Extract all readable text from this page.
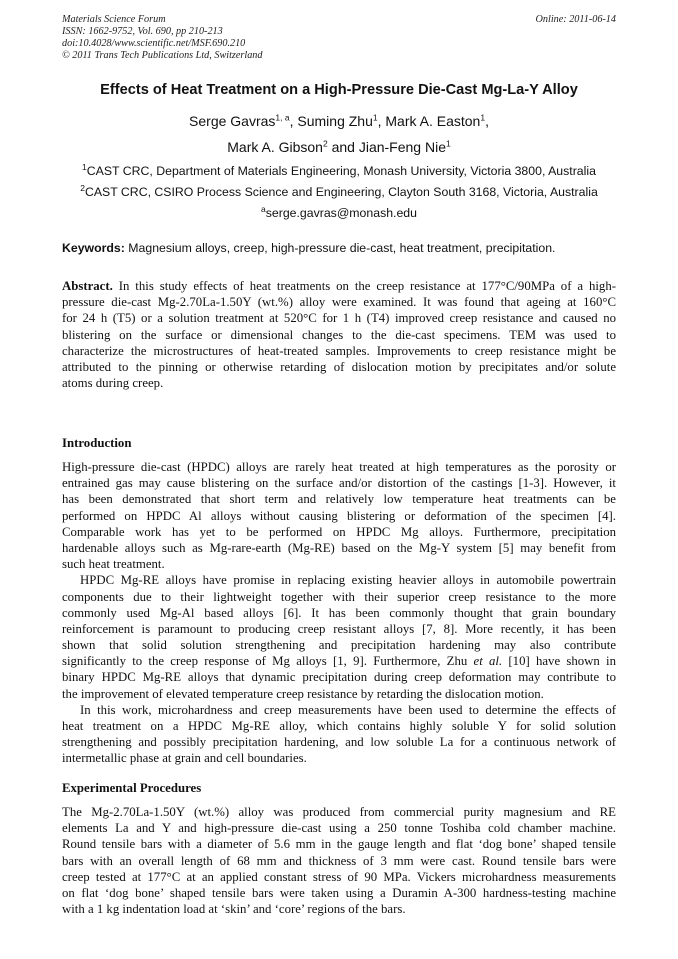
Materials Science Forum
ISSN: 1662-9752, Vol. 690, pp 210-213
doi:10.4028/www.scientific.net/MSF.690.210
© 2011 Trans Tech Publications Ltd, Switzerland
Online: 2011-06-14
Effects of Heat Treatment on a High-Pressure Die-Cast Mg-La-Y Alloy
Serge Gavras$^{1, a}$, Suming Zhu$^1$, Mark A. Easton$^1$,
Mark A. Gibson$^2$ and Jian-Feng Nie$^1$
$^1$CAST CRC, Department of Materials Engineering, Monash University, Victoria 3800, Australia
$^2$CAST CRC, CSIRO Process Science and Engineering, Clayton South 3168, Victoria, Australia
$^a$serge.gavras@monash.edu
Keywords: Magnesium alloys, creep, high-pressure die-cast, heat treatment, precipitation.
Abstract. In this study effects of heat treatments on the creep resistance at 177°C/90MPa of a high-
pressure die-cast Mg-2.70La-1.50Y (wt.%) alloy were examined. It was found that ageing at 160°C
for 24 h (T5) or a solution treatment at 520°C for 1 h (T4) improved creep resistance and caused no
blistering on the surface or dimensional changes to the die-cast specimens. TEM was used to
characterize the microstructures of heat-treated samples. Improvements to creep resistance might be
attributed to the pinning or otherwise retarding of dislocation motion by precipitates and/or solute
atoms during creep.
Introduction
High-pressure die-cast (HPDC) alloys are rarely heat treated at high temperatures as the porosity or
entrained gas may cause blistering on the surface and/or distortion of the castings [1-3]. However, it
has been demonstrated that short term and relatively low temperature heat treatments can be
performed on HPDC Al alloys without causing blistering or deformation of the specimen [4].
Comparable work has yet to be performed on HPDC Mg alloys. Furthermore, precipitation
hardenable alloys such as Mg-rare-earth (Mg-RE) based on the Mg-Y system [5] may benefit from
such heat treatment.
HPDC Mg-RE alloys have promise in replacing existing heavier alloys in automobile powertrain
components due to their lightweight together with their superior creep resistance to the more
commonly used Mg-Al based alloys [6]. It has been commonly thought that grain boundary
reinforcement is paramount to producing creep resistant alloys [7, 8]. More recently, it has been
shown that solid solution strengthening and precipitation hardening may also contribute
significantly to the creep response of Mg alloys [1, 9]. Furthermore, Zhu et al. [10] have shown in
binary HPDC Mg-RE alloys that dynamic precipitation during creep deformation may contribute to
the improvement of elevated temperature creep resistance by retarding the dislocation motion.
In this work, microhardness and creep measurements have been used to determine the effects of
heat treatment on a HPDC Mg-RE alloy, which contains highly soluble Y for solid solution
strengthening and possibly precipitation hardening, and low soluble La for a continuous network of
intermetallic phase at grain and cell boundaries.
Experimental Procedures
The Mg-2.70La-1.50Y (wt.%) alloy was produced from commercial purity magnesium and RE
elements La and Y and high-pressure die-cast using a 250 tonne Toshiba cold chamber machine.
Round tensile bars with a diameter of 5.6 mm in the gauge length and flat ‘dog bone’ shaped tensile
bars with an overall length of 68 mm and thickness of 3 mm were cast. Round tensile bars were
creep tested at 177°C at an applied constant stress of 90 MPa. Vickers microhardness measurements
on flat ‘dog bone’ shaped tensile bars were taken using a Duramin A-300 hardness-testing machine
with a 1 kg indentation load at ‘skin’ and ‘core’ regions of the bars.
